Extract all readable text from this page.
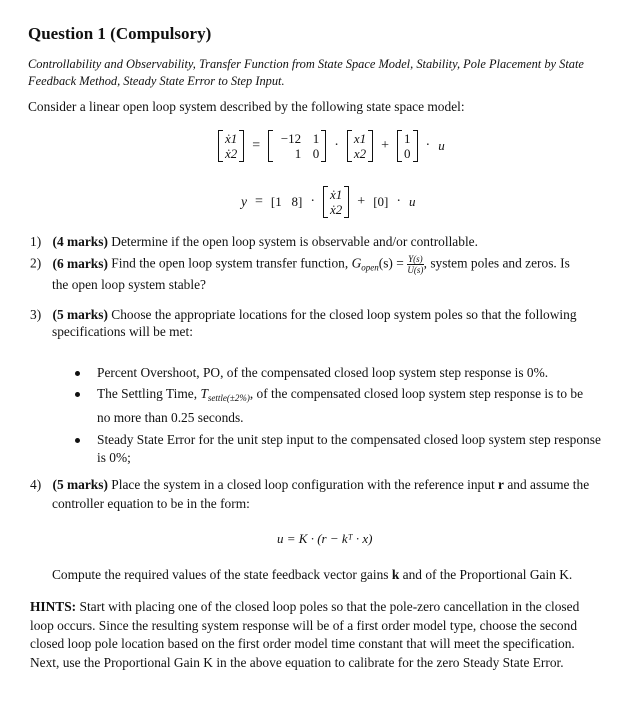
Question 1 (Compulsory)
Controllability and Observability, Transfer Function from State Space Model, Stability, Pole Placement by State Feedback Method, Steady State Error to Step Input.
Consider a linear open loop system described by the following state space model:
ẋ1
ẋ2
= −12 1
1 0 · x1
x2
+ 1
0
· u
y = [1   8] · ẋ1
ẋ2
+ [0] · u
1) (4 marks) Determine if the open loop system is observable and/or controllable.
2) (6 marks) Find the open loop system transfer function, $G_{open}(s) = \frac{Y(s)}{U(s)}$ , system poles and zeros. Is
the open loop system stable?
3) (5 marks) Choose the appropriate locations for the closed loop system poles so that the following
specifications will be met:
Percent Overshoot, PO, of the compensated closed loop system step response is 0%.
The Settling Time, $T_{settle(\pm 2\%)}$, of the compensated closed loop system step response is to be
no more than 0.25 seconds.
Steady State Error for the unit step input to the compensated closed loop system step response
is 0%;
4) (5 marks) Place the system in a closed loop configuration with the reference input r and assume the
controller equation to be in the form:
u = K · (r − kᵀ · x)
Compute the required values of the state feedback vector gains k and of the Proportional Gain K.
HINTS: Start with placing one of the closed loop poles so that the pole-zero cancellation in the closed
loop occurs. Since the resulting system response will be of a first order model type, choose the second
closed loop pole location based on the first order model time constant that will meet the specification.
Next, use the Proportional Gain K in the above equation to calibrate for the zero Steady State Error.
